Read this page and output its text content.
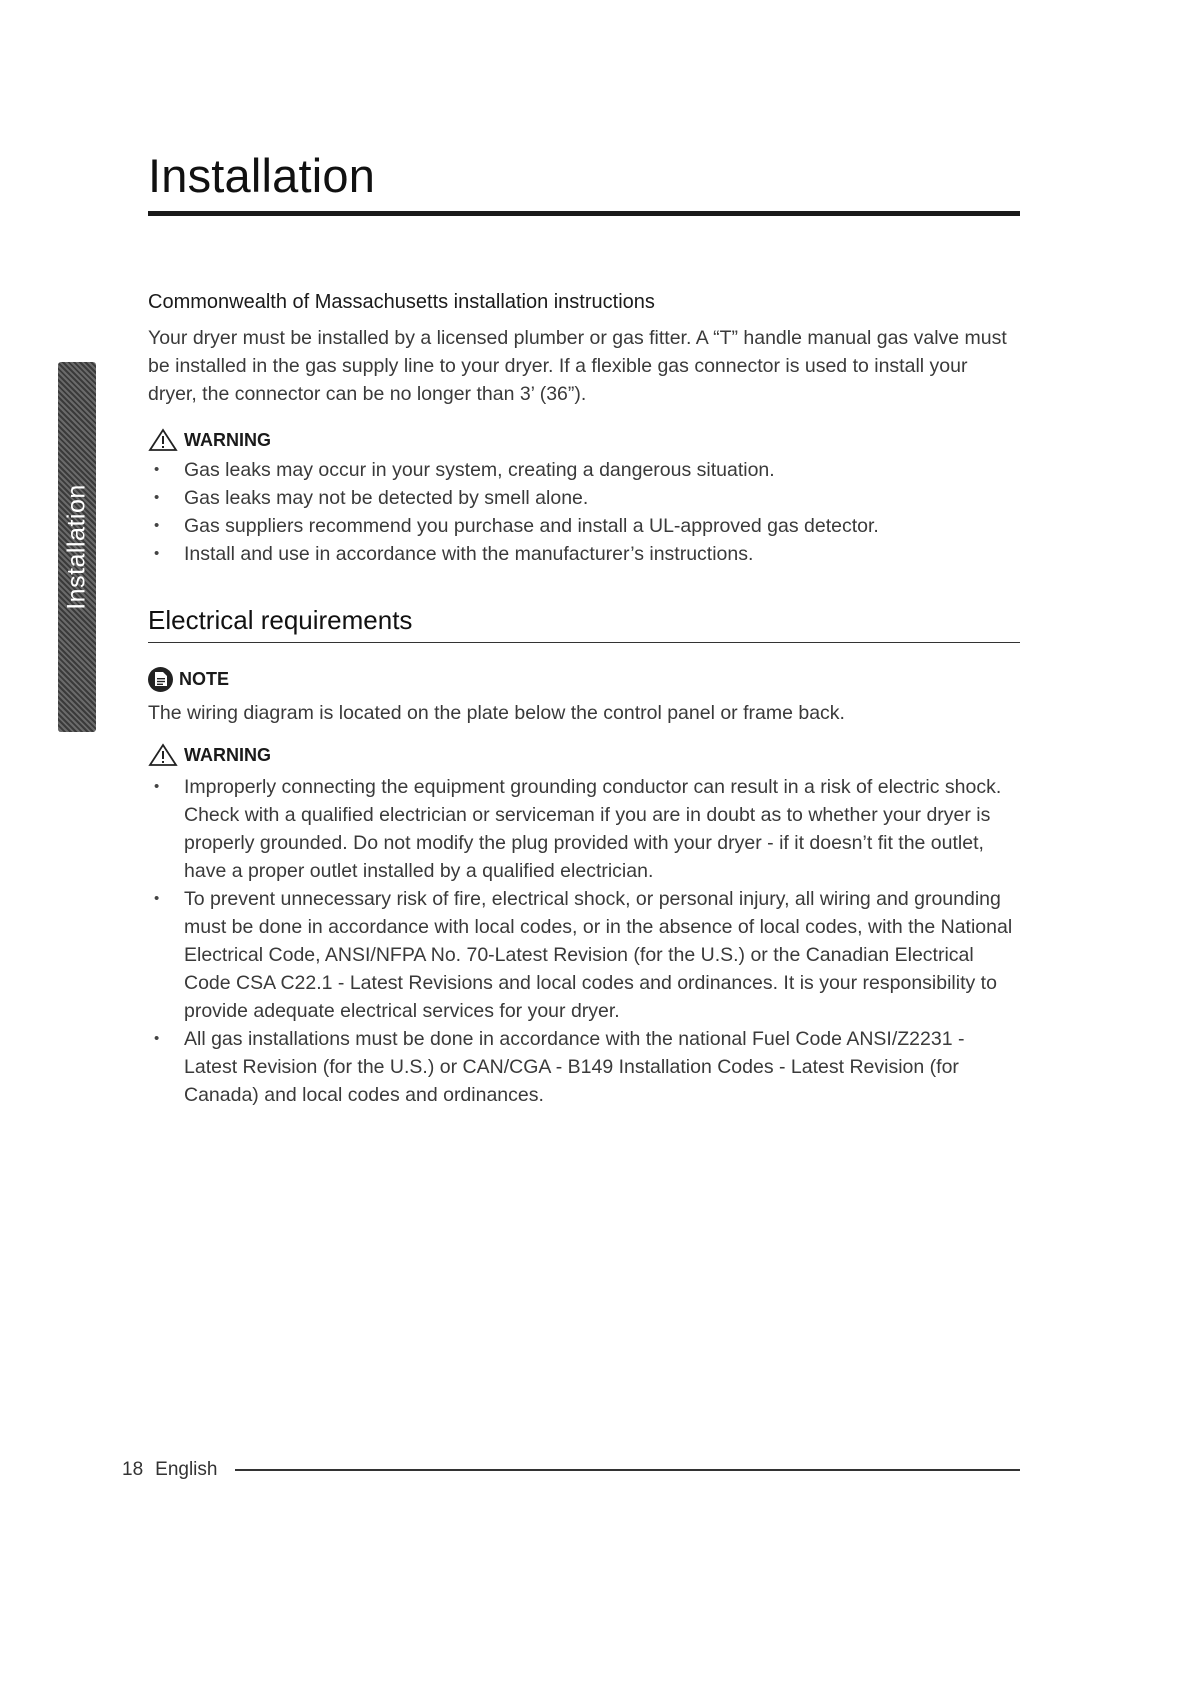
Installation
Installation
Commonwealth of Massachusetts installation instructions

Your dryer must be installed by a licensed plumber or gas fitter. A “T” handle manual gas valve must be installed in the gas supply line to your dryer. If a flexible gas connector is used to install your dryer, the connector can be no longer than 3’ (36”).

WARNING
• Gas leaks may occur in your system, creating a dangerous situation.
• Gas leaks may not be detected by smell alone.
• Gas suppliers recommend you purchase and install a UL-approved gas detector.
• Install and use in accordance with the manufacturer’s instructions.
Electrical requirements
NOTE

The wiring diagram is located on the plate below the control panel or frame back.

WARNING

• Improperly connecting the equipment grounding conductor can result in a risk of electric shock.

Check with a qualified electrician or serviceman if you are in doubt as to whether your dryer is properly grounded. Do not modify the plug provided with your dryer - if it doesn’t fit the outlet, have a proper outlet installed by a qualified electrician.

• To prevent unnecessary risk of fire, electrical shock, or personal injury, all wiring and grounding must be done in accordance with local codes, or in the absence of local codes, with the National Electrical Code, ANSI/NFPA No. 70-Latest Revision (for the U.S.) or the Canadian Electrical Code CSA C22.1 - Latest Revisions and local codes and ordinances. It is your responsibility to provide adequate electrical services for your dryer.

• All gas installations must be done in accordance with the national Fuel Code ANSI/Z2231 - Latest Revision (for the U.S.) or CAN/CGA - B149 Installation Codes - Latest Revision (for Canada) and local codes and ordinances.

18 English
